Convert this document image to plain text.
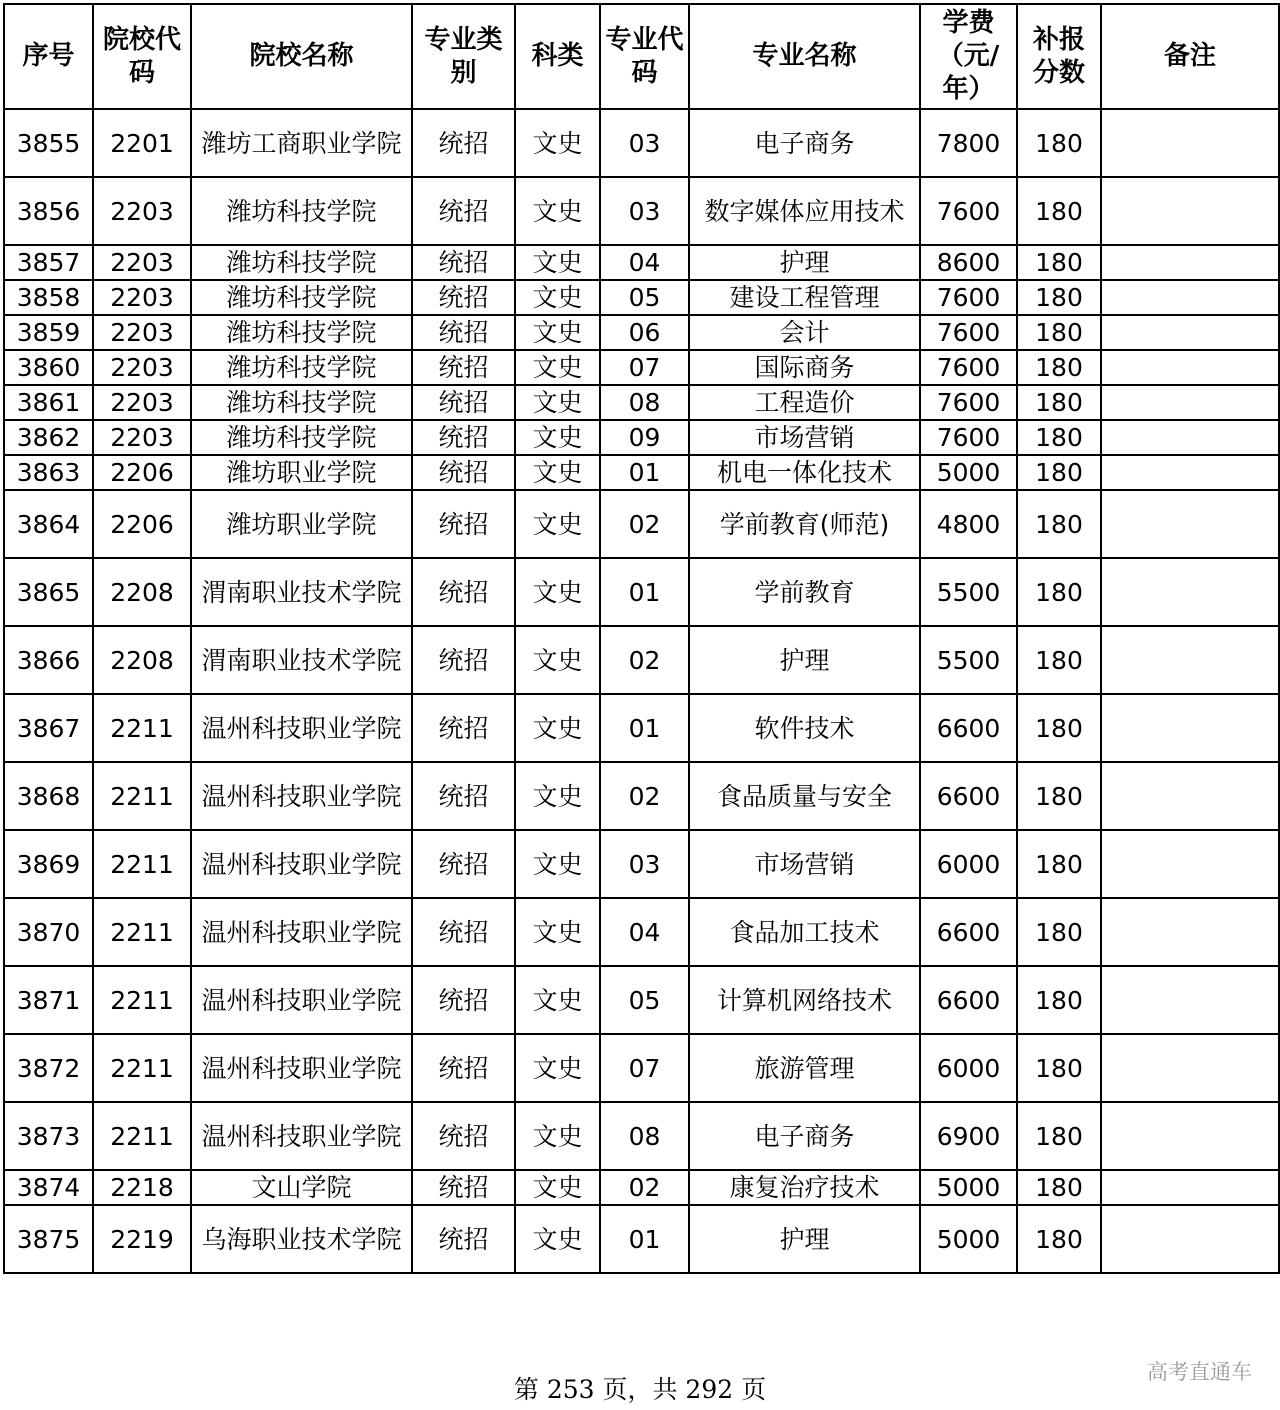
序号	院校代码	院校名称	专业类别	科类	专业代码	专业名称	学费（元/年）	补报分数	备注
3855	2201	潍坊工商职业学院	统招	文史	03	电子商务	7800	180	
3856	2203	潍坊科技学院	统招	文史	03	数字媒体应用技术	7600	180	
3857	2203	潍坊科技学院	统招	文史	04	护理	8600	180	
3858	2203	潍坊科技学院	统招	文史	05	建设工程管理	7600	180	
3859	2203	潍坊科技学院	统招	文史	06	会计	7600	180	
3860	2203	潍坊科技学院	统招	文史	07	国际商务	7600	180	
3861	2203	潍坊科技学院	统招	文史	08	工程造价	7600	180	
3862	2203	潍坊科技学院	统招	文史	09	市场营销	7600	180	
3863	2206	潍坊职业学院	统招	文史	01	机电一体化技术	5000	180	
3864	2206	潍坊职业学院	统招	文史	02	学前教育(师范)	4800	180	
3865	2208	渭南职业技术学院	统招	文史	01	学前教育	5500	180	
3866	2208	渭南职业技术学院	统招	文史	02	护理	5500	180	
3867	2211	温州科技职业学院	统招	文史	01	软件技术	6600	180	
3868	2211	温州科技职业学院	统招	文史	02	食品质量与安全	6600	180	
3869	2211	温州科技职业学院	统招	文史	03	市场营销	6000	180	
3870	2211	温州科技职业学院	统招	文史	04	食品加工技术	6600	180	
3871	2211	温州科技职业学院	统招	文史	05	计算机网络技术	6600	180	
3872	2211	温州科技职业学院	统招	文史	07	旅游管理	6000	180	
3873	2211	温州科技职业学院	统招	文史	08	电子商务	6900	180	
3874	2218	文山学院	统招	文史	02	康复治疗技术	5000	180	
3875	2219	乌海职业技术学院	统招	文史	01	护理	5000	180	
第 253 页，共 292 页
高考直通车
